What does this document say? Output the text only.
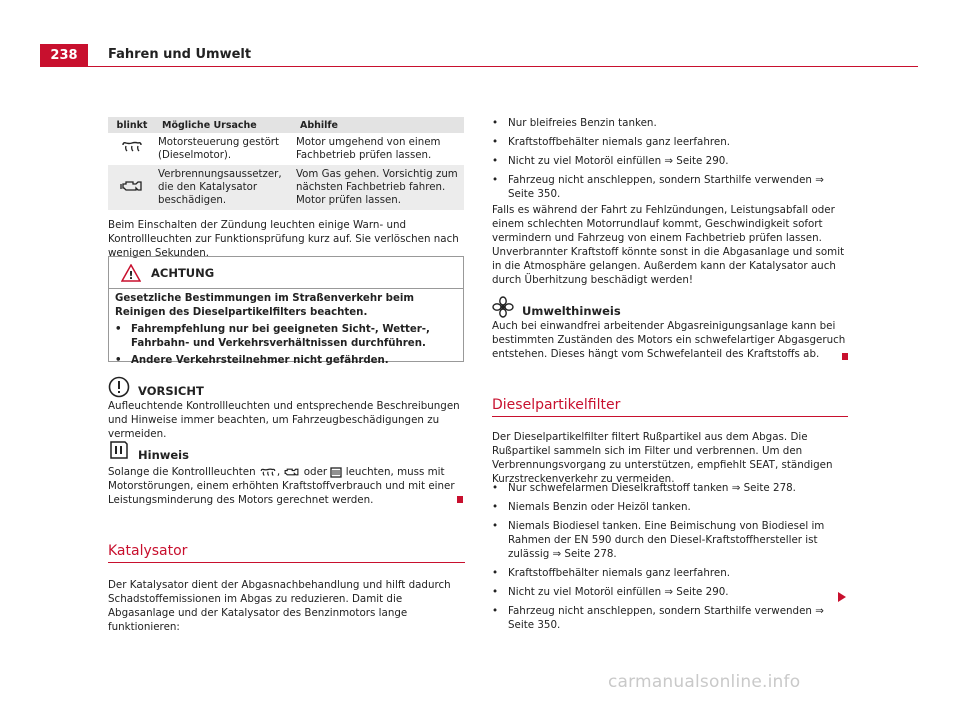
238	Fahren und Umwelt
blinkt	Mögliche Ursache	Abhilfe
	Motorsteuerung gestört (Dieselmotor).	Motor umgehend von einem Fachbetrieb prüfen lassen.
	Verbrennungsaussetzer, die den Katalysator beschädigen.	Vom Gas gehen. Vorsichtig zum nächsten Fachbetrieb fahren. Motor prüfen lassen.
Beim Einschalten der Zündung leuchten einige Warn- und Kontrollleuchten zur Funktionsprüfung kurz auf. Sie verlöschen nach wenigen Sekunden.
! ACHTUNG

Gesetzliche Bestimmungen im Straßenverkehr beim Reinigen des Dieselpartikelfilters beachten.

• Fahrempfehlung nur bei geeigneten Sicht-, Wetter-, Fahrbahn- und Verkehrsverhältnissen durchführen.
• Andere Verkehrsteilnehmer nicht gefährden.
VORSICHT
Aufleuchtende Kontrollleuchten und entsprechende Beschreibungen und Hinweise immer beachten, um Fahrzeugbeschädigungen zu vermeiden.
Hinweis
Solange die Kontrollleuchten , oder leuchten, muss mit Motorstörungen, einem erhöhten Kraftstoffverbrauch und mit einer Leistungsminderung des Motors gerechnet werden.
Katalysator
Der Katalysator dient der Abgasnachbehandlung und hilft dadurch Schadstoffemissionen im Abgas zu reduzieren. Damit die Abgasanlage und der Katalysator des Benzinmotors lange funktionieren:
• Nur bleifreies Benzin tanken.
• Kraftstoffbehälter niemals ganz leerfahren.
• Nicht zu viel Motoröl einfüllen ⇒ Seite 290.
• Fahrzeug nicht anschleppen, sondern Starthilfe verwenden ⇒ Seite 350.
Falls es während der Fahrt zu Fehlzündungen, Leistungsabfall oder einem schlechten Motorrundlauf kommt, Geschwindigkeit sofort vermindern und Fahrzeug von einem Fachbetrieb prüfen lassen. Unverbrannter Kraftstoff könnte sonst in die Abgasanlage und somit in die Atmosphäre gelangen. Außerdem kann der Katalysator auch durch Überhitzung beschädigt werden!
Umwelthinweis
Auch bei einwandfrei arbeitender Abgasreinigungsanlage kann bei bestimmten Zuständen des Motors ein schwefelartiger Abgasgeruch entstehen. Dieses hängt vom Schwefelanteil des Kraftstoffs ab.
Dieselpartikelfilter
Der Dieselpartikelfilter filtert Rußpartikel aus dem Abgas. Die Rußpartikel sammeln sich im Filter und verbrennen. Um den Verbrennungsvorgang zu unterstützen, empfiehlt SEAT, ständigen Kurzstreckenverkehr zu vermeiden.
• Nur schwefelarmen Dieselkraftstoff tanken ⇒ Seite 278.
• Niemals Benzin oder Heizöl tanken.
• Niemals Biodiesel tanken. Eine Beimischung von Biodiesel im Rahmen der EN 590 durch den Diesel-Kraftstoffhersteller ist zulässig ⇒ Seite 278.
• Kraftstoffbehälter niemals ganz leerfahren.
• Nicht zu viel Motoröl einfüllen ⇒ Seite 290.
• Fahrzeug nicht anschleppen, sondern Starthilfe verwenden ⇒ Seite 350.
carmanualsonline.info
